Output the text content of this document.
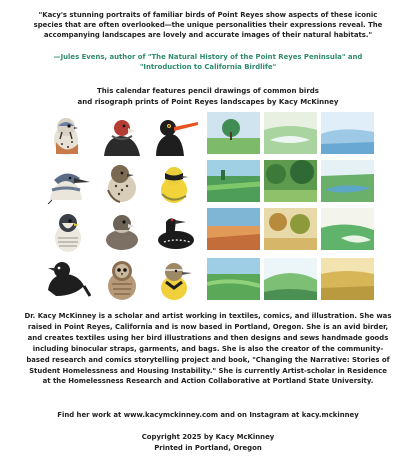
"Kacy's stunning portraits of familiar birds of Point Reyes show aspects of these iconic species that are often overlooked—the unique personalities their expressions reveal. The accompanying landscapes are lovely and accurate images of their natural habitats."
—Jules Evens, author of "The Natural History of the Point Reyes Peninsula" and
"Introduction to California Birdlife"
This calendar features pencil drawings of common birds
and risograph prints of Point Reyes landscapes by Kacy McKinney
Dr. Kacy McKinney is a scholar and artist working in textiles, comics, and illustration. She was raised in Point Reyes, California and is now based in Portland, Oregon. She is an avid birder, and creates textiles using her bird illustrations and then designs and sews handmade goods including binocular straps, garments, and bags. She is also the creator of the community-based research and comics storytelling project and book, "Changing the Narrative: Stories of Student Homelessness and Housing Instability." She is currently Artist-scholar in Residence at the Homelessness Research and Action Collaborative at Portland State University.
Find her work at www.kacymckinney.com and on Instagram at kacy.mckinney
Copyright 2025 by Kacy McKinney
Printed in Portland, Oregon
